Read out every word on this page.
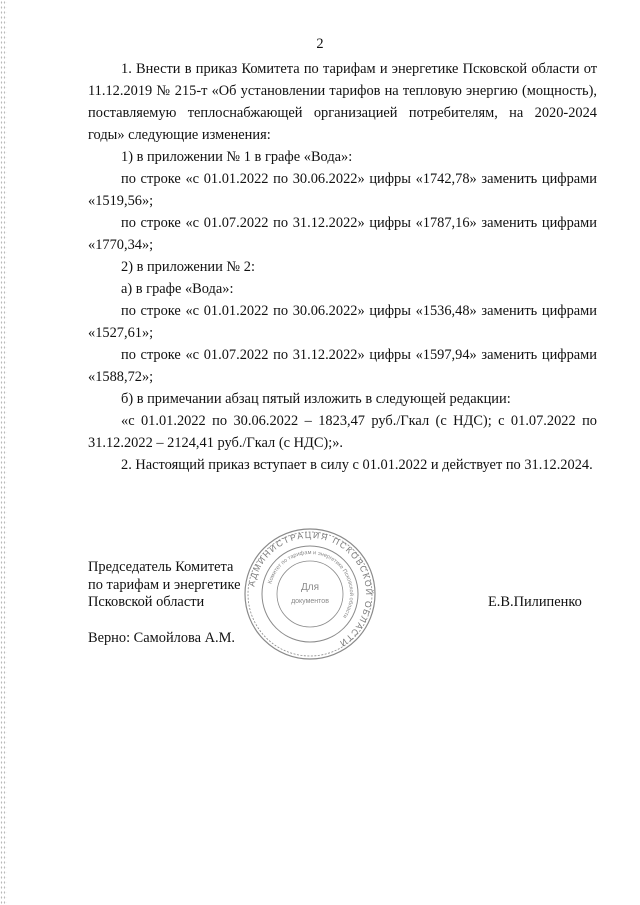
2

1. Внести в приказ Комитета по тарифам и энергетике Псковской области от 11.12.2019 № 215-т «Об установлении тарифов на тепловую энергию (мощность), поставляемую теплоснабжающей организацией потребителям, на 2020-2024 годы» следующие изменения:

1) в приложении № 1 в графе «Вода»:

по строке «с 01.01.2022 по 30.06.2022» цифры «1742,78» заменить цифрами «1519,56»;

по строке «с 01.07.2022 по 31.12.2022» цифры «1787,16» заменить цифрами «1770,34»;

2) в приложении № 2:

а) в графе «Вода»:

по строке «с 01.01.2022 по 30.06.2022» цифры «1536,48» заменить цифрами «1527,61»;

по строке «с 01.07.2022 по 31.12.2022» цифры «1597,94» заменить цифрами «1588,72»;

б) в примечании абзац пятый изложить в следующей редакции:

«с 01.01.2022 по 30.06.2022 – 1823,47 руб./Гкал (с НДС); с 01.07.2022 по 31.12.2022 – 2124,41 руб./Гкал (с НДС);».

2. Настоящий приказ вступает в силу с 01.01.2022 и действует по 31.12.2024.

Председатель Комитета
по тарифам и энергетике
Псковской области	Е.В.Пилипенко
Верно: Самойлова А.М.
АДМИНИСТРАЦИЯ ПСКОВСКОЙ ОБЛАСТИ
Комитет по тарифам и энергетике Псковской области
Для
документов
